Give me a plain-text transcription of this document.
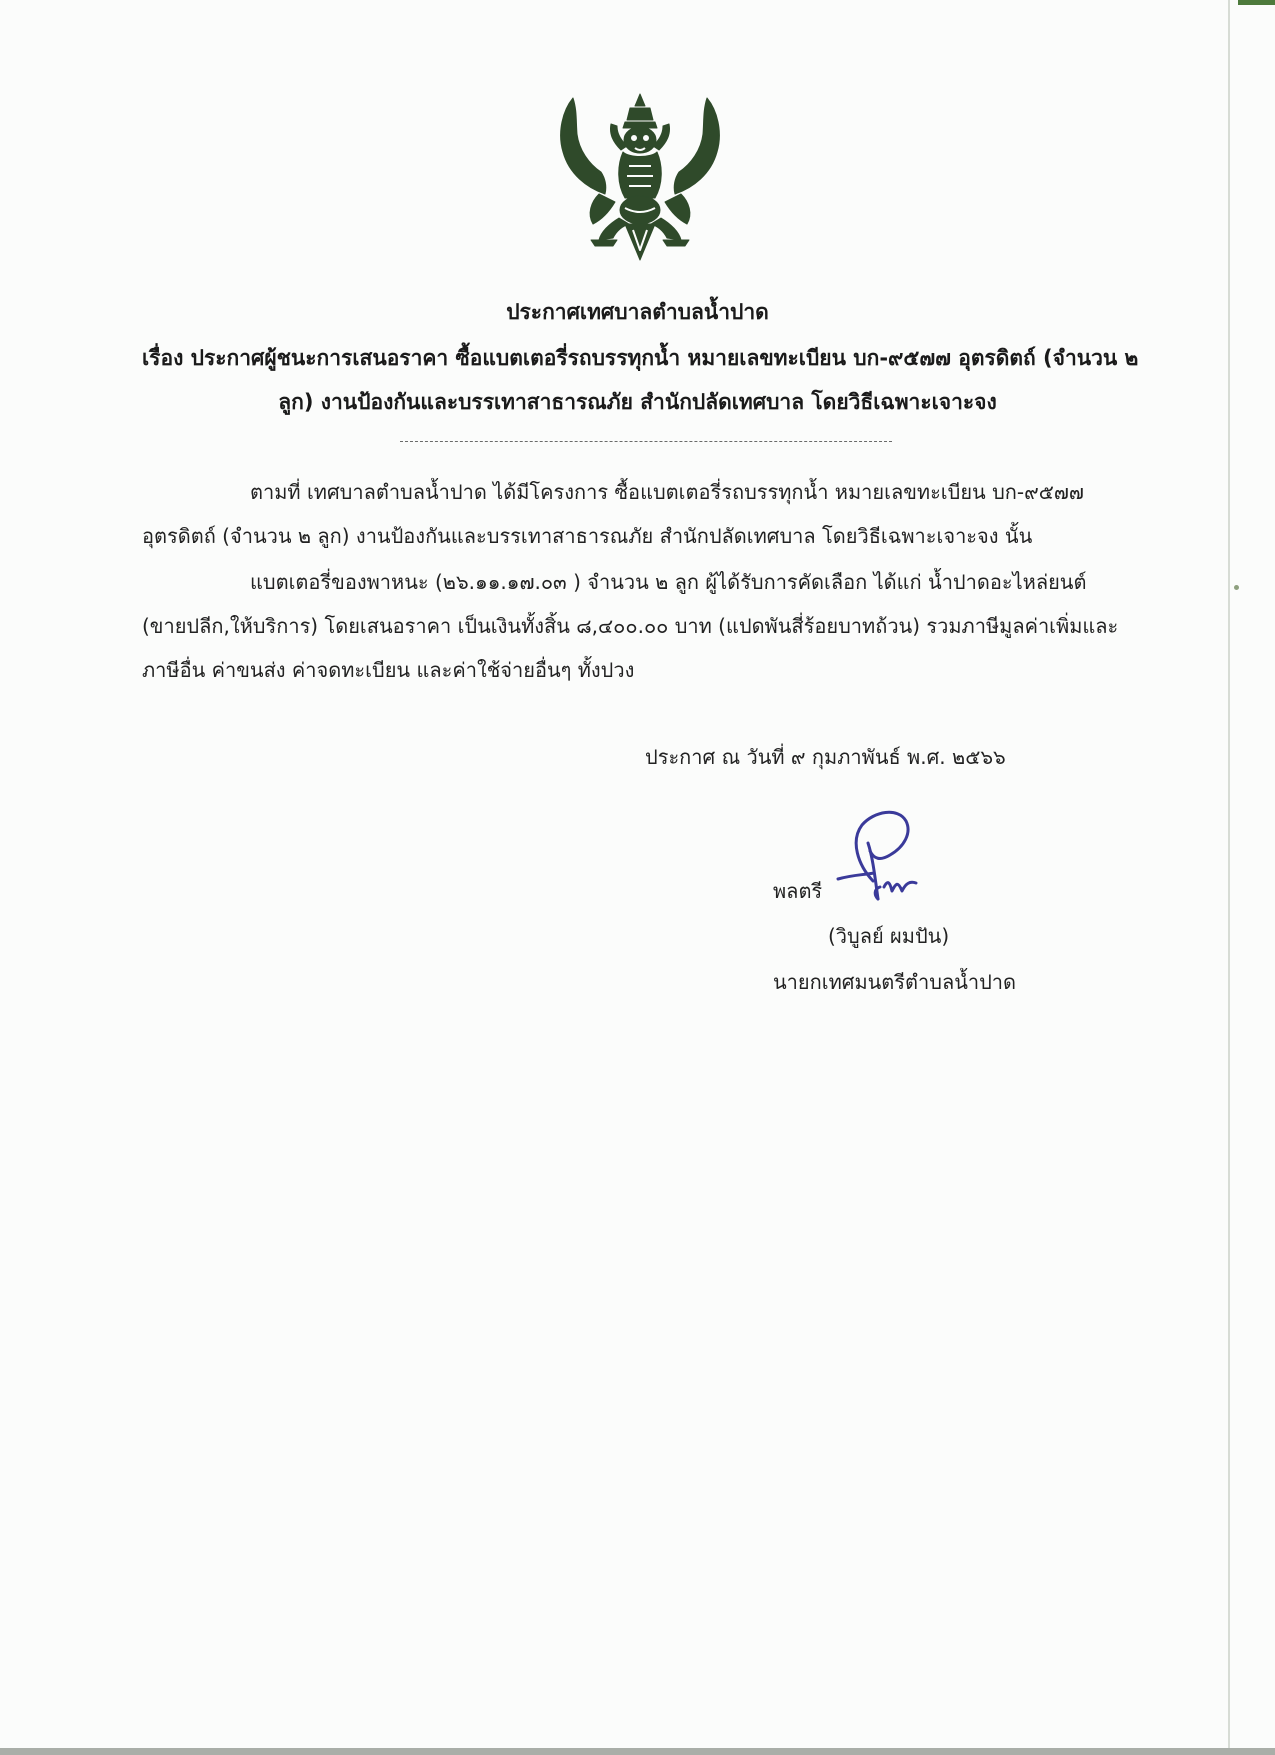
ประกาศเทศบาลตำบลน้ำปาด

เรื่อง ประกาศผู้ชนะการเสนอราคา ซื้อแบตเตอรี่รถบรรทุกน้ำ หมายเลขทะเบียน บก-๙๕๗๗ อุตรดิตถ์ (จำนวน ๒

ลูก) งานป้องกันและบรรเทาสาธารณภัย สำนักปลัดเทศบาล โดยวิธีเฉพาะเจาะจง

ตามที่ เทศบาลตำบลน้ำปาด ได้มีโครงการ ซื้อแบตเตอรี่รถบรรทุกน้ำ หมายเลขทะเบียน บก-๙๕๗๗

อุตรดิตถ์ (จำนวน ๒ ลูก) งานป้องกันและบรรเทาสาธารณภัย สำนักปลัดเทศบาล โดยวิธีเฉพาะเจาะจง นั้น

แบตเตอรี่ของพาหนะ (๒๖.๑๑.๑๗.๐๓ ) จำนวน ๒ ลูก ผู้ได้รับการคัดเลือก ได้แก่ น้ำปาดอะไหล่ยนต์

(ขายปลีก,ให้บริการ) โดยเสนอราคา เป็นเงินทั้งสิ้น ๘,๔๐๐.๐๐ บาท (แปดพันสี่ร้อยบาทถ้วน) รวมภาษีมูลค่าเพิ่มและ

ภาษีอื่น ค่าขนส่ง ค่าจดทะเบียน และค่าใช้จ่ายอื่นๆ ทั้งปวง

ประกาศ ณ วันที่ ๙ กุมภาพันธ์ พ.ศ. ๒๕๖๖

พลตรี

(วิบูลย์ ผมปัน)

นายกเทศมนตรีตำบลน้ำปาด
